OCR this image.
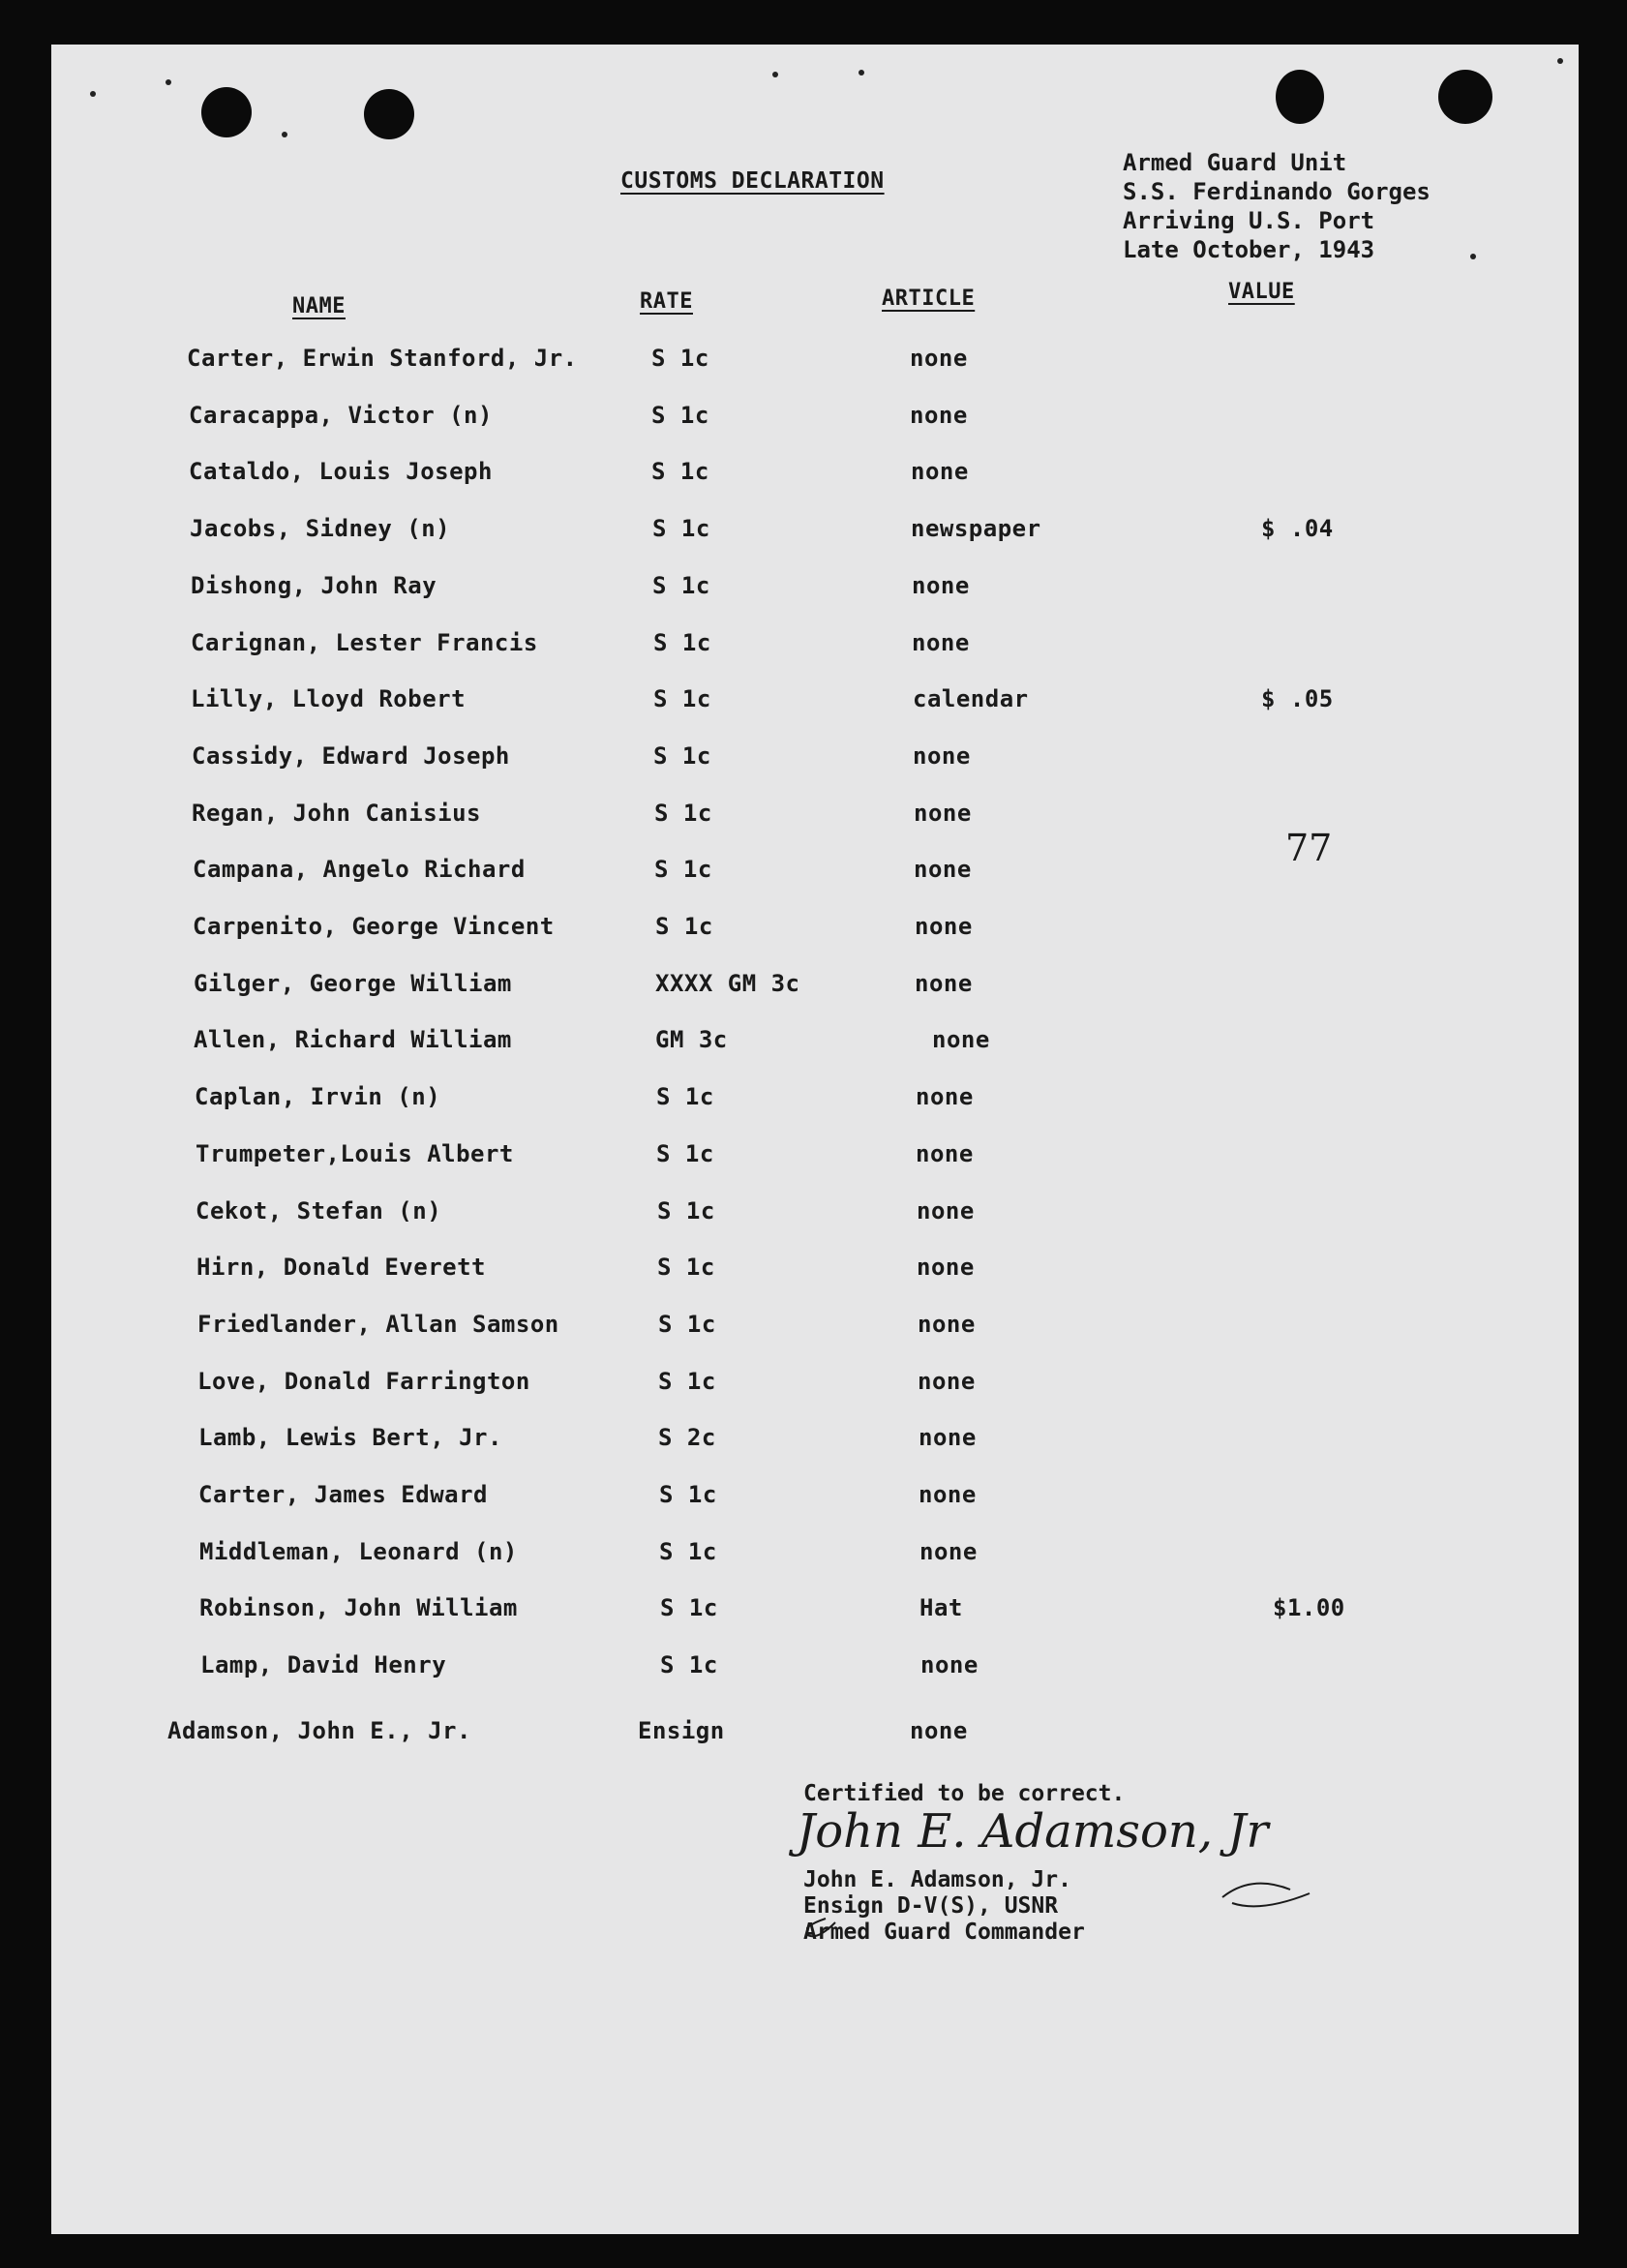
CUSTOMS DECLARATION
Armed Guard Unit
S.S. Ferdinando Gorges
Arriving U.S. Port
Late October, 1943
NAME	RATE	ARTICLE	VALUE
Carter, Erwin Stanford, Jr.	S 1c	none
Caracappa, Victor (n)	S 1c	none
Cataldo, Louis Joseph	S 1c	none
Jacobs, Sidney (n)	S 1c	newspaper	$ .04
Dishong, John Ray	S 1c	none
Carignan, Lester Francis	S 1c	none
Lilly, Lloyd Robert	S 1c	calendar	$ .05
Cassidy, Edward Joseph	S 1c	none
Regan, John Canisius	S 1c	none
Campana, Angelo Richard	S 1c	none
Carpenito, George Vincent	S 1c	none
Gilger, George William	XXXX GM 3c	none
Allen, Richard William	GM 3c	none
Caplan, Irvin (n)	S 1c	none
Trumpeter,Louis Albert	S 1c	none
Cekot, Stefan (n)	S 1c	none
Hirn, Donald Everett	S 1c	none
Friedlander, Allan Samson	S 1c	none
Love, Donald Farrington	S 1c	none
Lamb, Lewis Bert, Jr.	S 2c	none
Carter, James Edward	S 1c	none
Middleman, Leonard (n)	S 1c	none
Robinson, John William	S 1c	Hat	$1.00
Lamp, David Henry	S 1c	none
Adamson, John E., Jr.	Ensign	none
77
Certified to be correct.
John E. Adamson, Jr
John E. Adamson, Jr.
Ensign D-V(S), USNR
Armed Guard Commander
